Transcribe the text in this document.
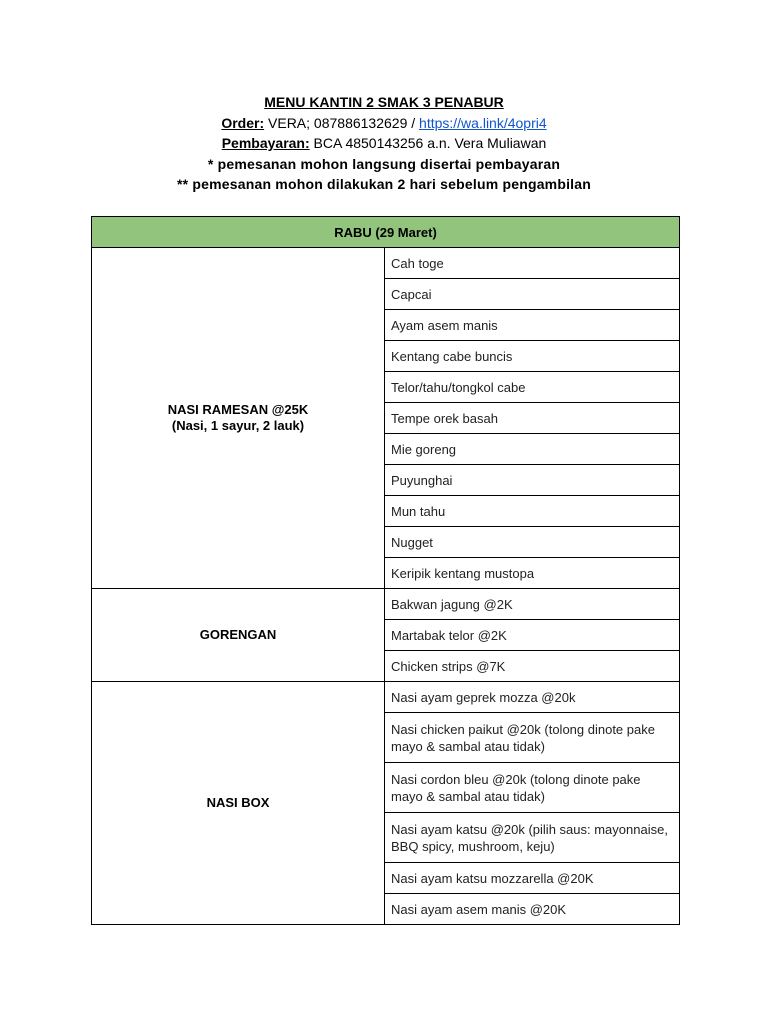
MENU KANTIN 2 SMAK 3 PENABUR
Order: VERA; 087886132629 / https://wa.link/4opri4
Pembayaran: BCA 4850143256 a.n. Vera Muliawan
* pemesanan mohon langsung disertai pembayaran
** pemesanan mohon dilakukan 2 hari sebelum pengambilan
RABU (29 Maret)	
NASI RAMESAN @25K
(Nasi, 1 sayur, 2 lauk)	Cah toge
	Capcai
	Ayam asem manis
	Kentang cabe buncis
	Telor/tahu/tongkol cabe
	Tempe orek basah
	Mie goreng
	Puyunghai
	Mun tahu
	Nugget
	Keripik kentang mustopa
GORENGAN	Bakwan jagung @2K
	Martabak telor @2K
	Chicken strips @7K
NASI BOX	Nasi ayam geprek mozza @20k
	Nasi chicken paikut @20k (tolong dinote pake mayo & sambal atau tidak)
	Nasi cordon bleu @20k (tolong dinote pake mayo & sambal atau tidak)
	Nasi ayam katsu @20k (pilih saus: mayonnaise, BBQ spicy, mushroom, keju)
	Nasi ayam katsu mozzarella @20K
	Nasi ayam asem manis @20K
